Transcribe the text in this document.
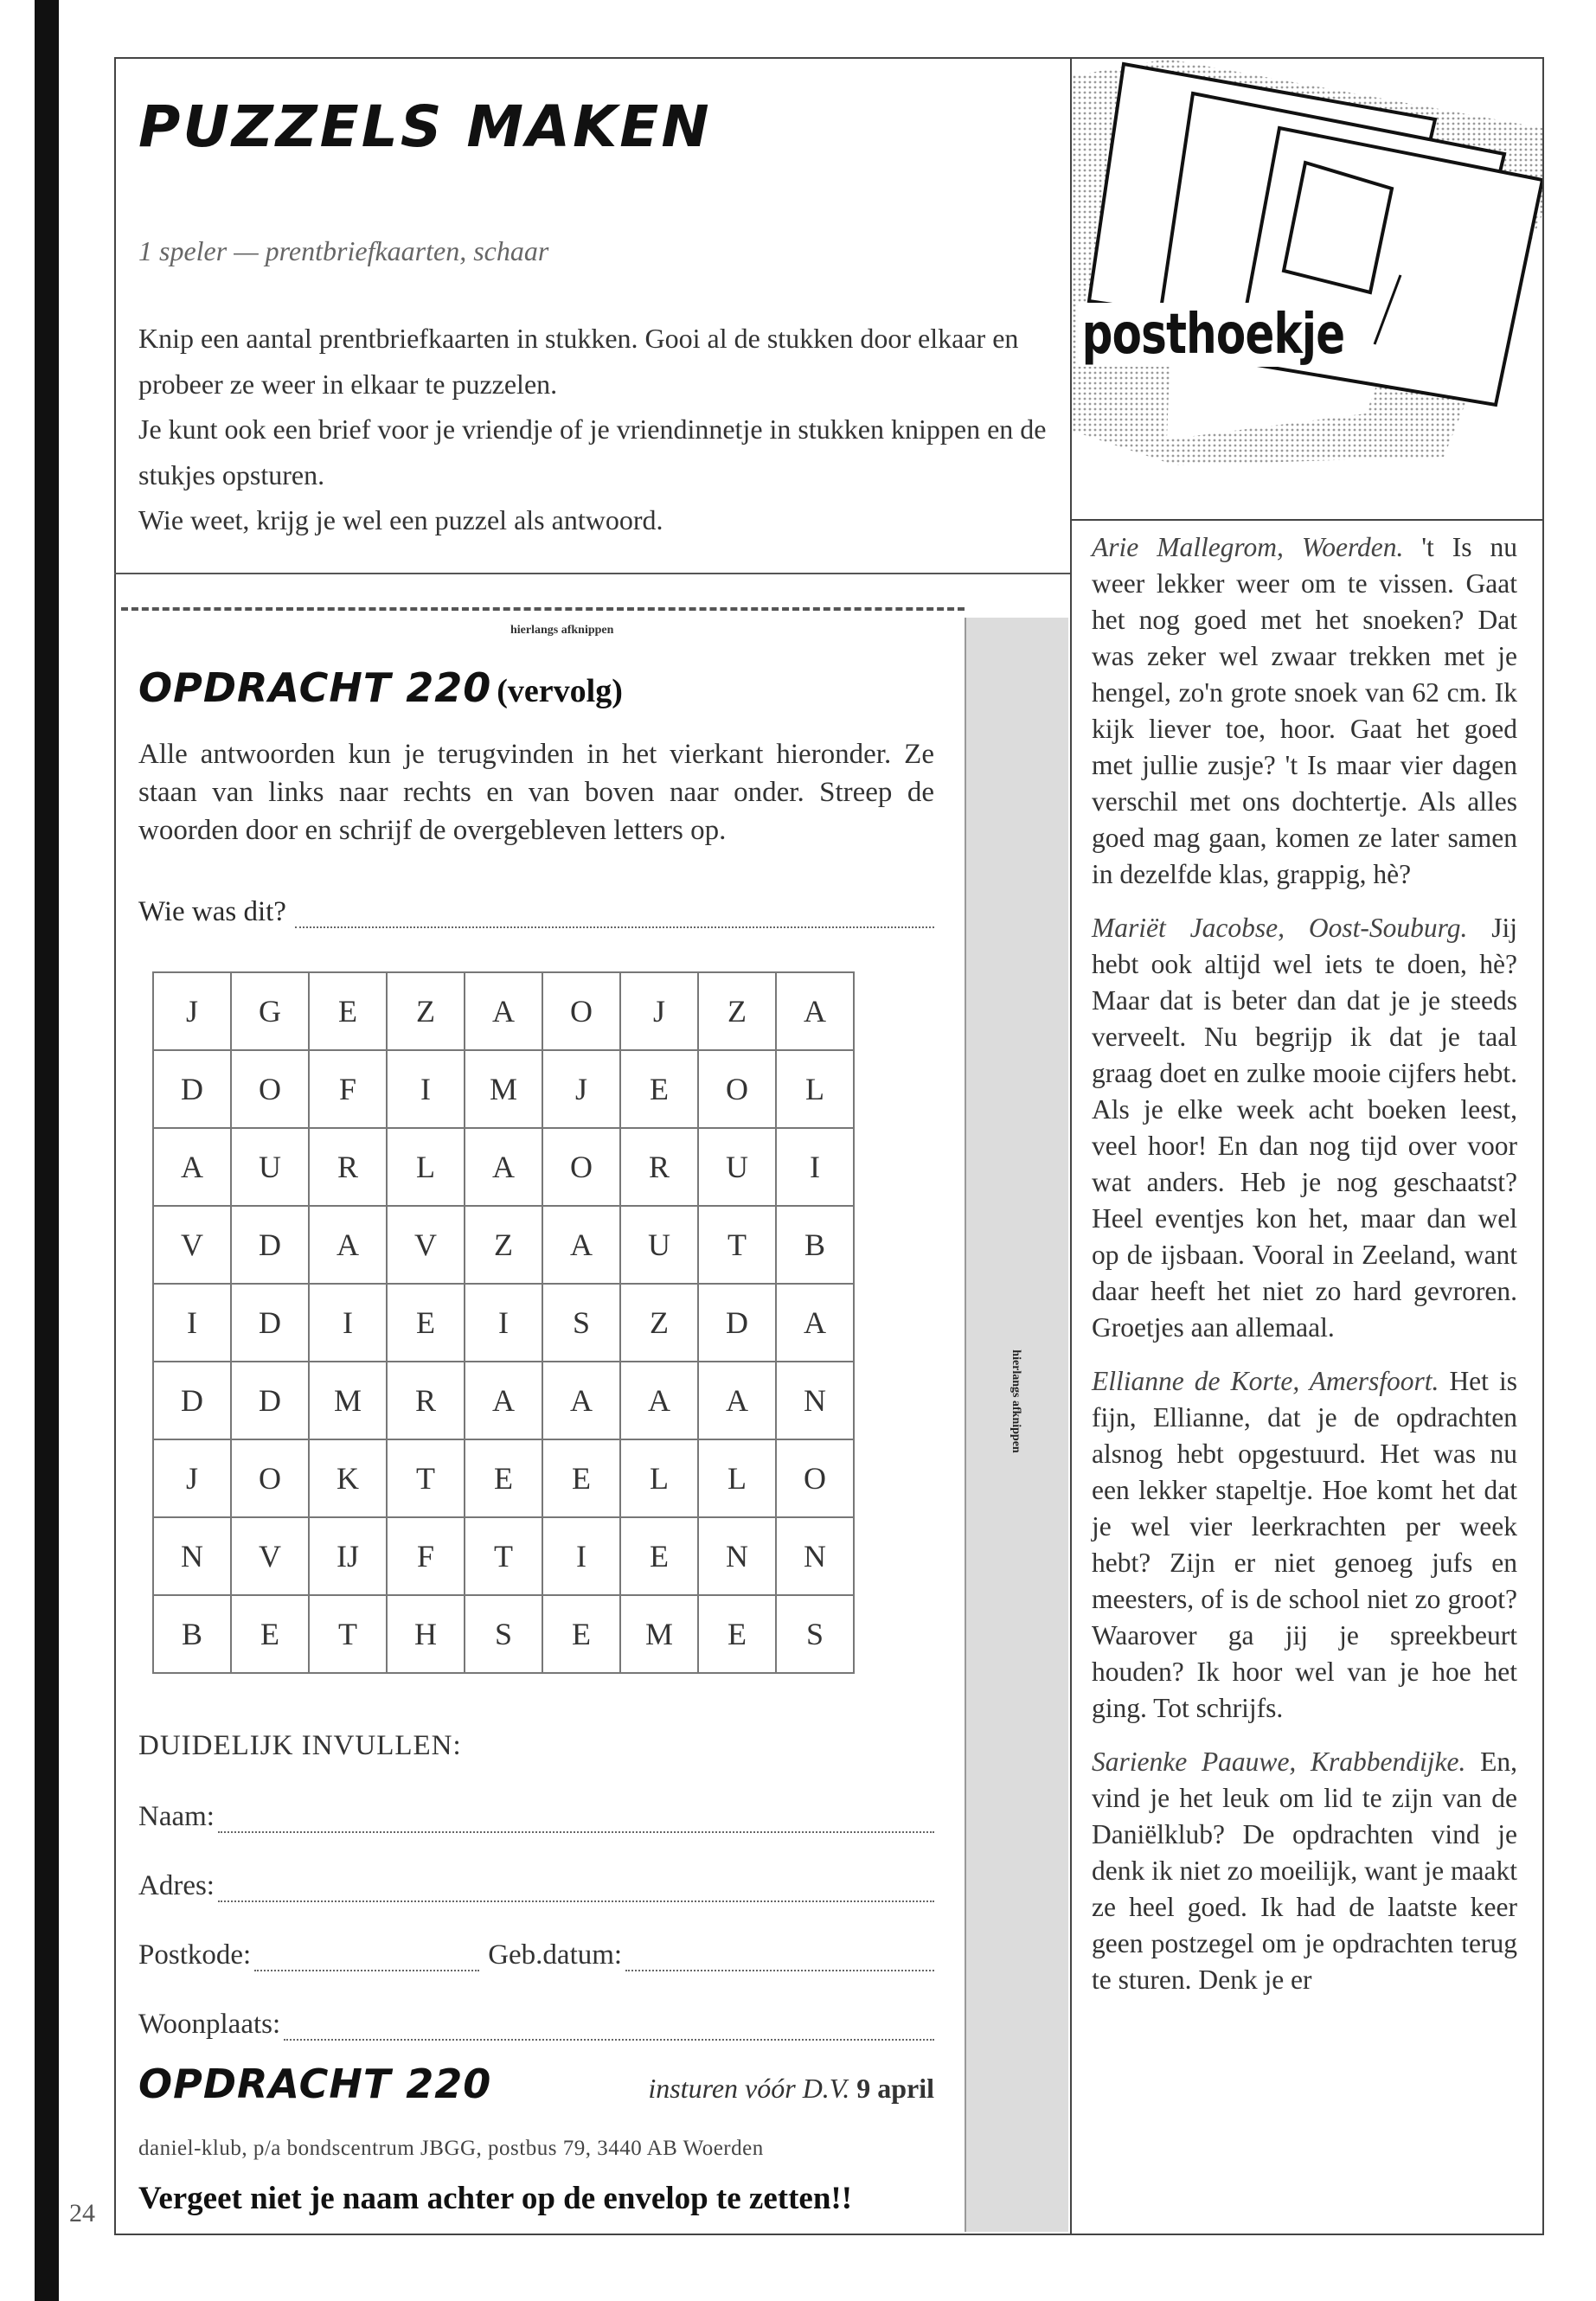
24
PUZZELS MAKEN
1 speler — prentbriefkaarten, schaar

Knip een aantal prentbriefkaarten in stukken. Gooi al de stukken door elkaar en probeer ze weer in elkaar te puzzelen.

Je kunt ook een brief voor je vriendje of je vriendinnetje in stukken knippen en de stukjes opsturen.

Wie weet, krijg je wel een puzzel als antwoord.

hierlangs afknippen
hierlangs afknippen
OPDRACHT 220 (vervolg)
Alle antwoorden kun je terugvinden in het vierkant hieronder. Ze staan van links naar rechts en van boven naar onder. Streep de woorden door en schrijf de overgebleven letters op.
Wie was dit?
J	G	E	Z	A	O	J	Z	A
D	O	F	I	M	J	E	O	L
A	U	R	L	A	O	R	U	I
V	D	A	V	Z	A	U	T	B
I	D	I	E	I	S	Z	D	A
D	D	M	R	A	A	A	A	N
J	O	K	T	E	E	L	L	O
N	V	IJ	F	T	I	E	N	N
B	E	T	H	S	E	M	E	S
DUIDELIJK INVULLEN:
Naam:
Adres:
Postkode:	Geb.datum:
Woonplaats:
OPDRACHT 220	insturen vóór D.V. 9 april
daniel-klub, p/a bondscentrum JBGG, postbus 79, 3440 AB Woerden
Vergeet niet je naam achter op de envelop te zetten!!
posthoekje

Arie Mallegrom, Woerden. 't Is nu weer lekker weer om te vissen. Gaat het nog goed met het snoeken? Dat was zeker wel zwaar trekken met je hengel, zo'n grote snoek van 62 cm. Ik kijk liever toe, hoor. Gaat het goed met jullie zusje? 't Is maar vier dagen verschil met ons dochtertje. Als alles goed mag gaan, komen ze later samen in dezelfde klas, grappig, hè?

Mariët Jacobse, Oost-Souburg. Jij hebt ook altijd wel iets te doen, hè? Maar dat is beter dan dat je je steeds verveelt. Nu begrijp ik dat je taal graag doet en zulke mooie cijfers hebt. Als je elke week acht boeken leest, veel hoor! En dan nog tijd over voor wat anders. Heb je nog geschaatst? Heel eventjes kon het, maar dan wel op de ijsbaan. Vooral in Zeeland, want daar heeft het niet zo hard gevroren. Groetjes aan allemaal.

Ellianne de Korte, Amersfoort. Het is fijn, Ellianne, dat je de opdrachten alsnog hebt opgestuurd. Het was nu een lekker stapeltje. Hoe komt het dat je wel vier leerkrachten per week hebt? Zijn er niet genoeg jufs en meesters, of is de school niet zo groot? Waarover ga jij je spreekbeurt houden? Ik hoor wel van je hoe het ging. Tot schrijfs.

Sarienke Paauwe, Krabbendijke. En, vind je het leuk om lid te zijn van de Daniëlklub? De opdrachten vind je denk ik niet zo moeilijk, want je maakt ze heel goed. Ik had de laatste keer geen postzegel om je opdrachten terug te sturen. Denk je er
